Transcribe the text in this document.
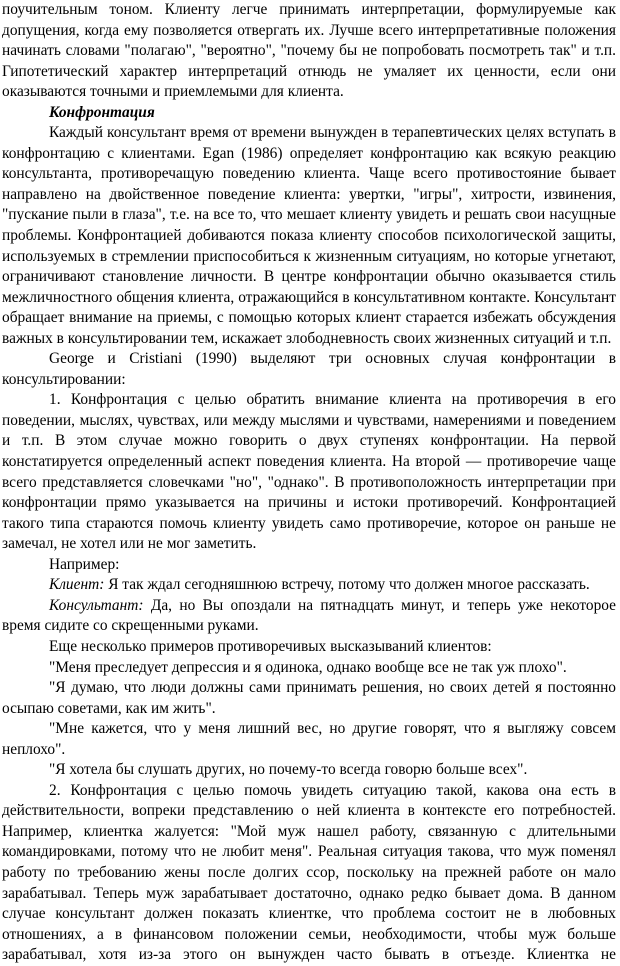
поучительным тоном. Клиенту легче принимать интерпретации, формулируемые как допущения, когда ему позволяется отвергать их. Лучше всего интерпретативные положения начинать словами "полагаю", "вероятно", "почему бы не попробовать посмотреть так" и т.п. Гипотетический характер интерпретаций отнюдь не умаляет их ценности, если они оказываются точными и приемлемыми для клиента.

Конфронтация

Каждый консультант время от времени вынужден в терапевтических целях вступать в конфронтацию с клиентами. Egan (1986) определяет конфронтацию как всякую реакцию консультанта, противоречащую поведению клиента. Чаще всего противостояние бывает направлено на двойственное поведение клиента: увертки, "игры", хитрости, извинения, "пускание пыли в глаза", т.е. на все то, что мешает клиенту увидеть и решать свои насущные проблемы. Конфронтацией добиваются показа клиенту способов психологической защиты, используемых в стремлении приспособиться к жизненным ситуациям, но которые угнетают, ограничивают становление личности. В центре конфронтации обычно оказывается стиль межличностного общения клиента, отражающийся в консультативном контакте. Консультант обращает внимание на приемы, с помощью которых клиент старается избежать обсуждения важных в консультировании тем, искажает злободневность своих жизненных ситуаций и т.п.

George и Cristiani (1990) выделяют три основных случая конфронтации в консультировании:

1. Конфронтация с целью обратить внимание клиента на противоречия в его поведении, мыслях, чувствах, или между мыслями и чувствами, намерениями и поведением и т.п. В этом случае можно говорить о двух ступенях конфронтации. На первой констатируется определенный аспект поведения клиента. На второй — противоречие чаще всего представляется словечками "но", "однако". В противоположность интерпретации при конфронтации прямо указывается на причины и истоки противоречий. Конфронтацией такого типа стараются помочь клиенту увидеть само противоречие, которое он раньше не замечал, не хотел или не мог заметить.

Например:

Клиент: Я так ждал сегодняшнюю встречу, потому что должен многое рассказать.

Консультант: Да, но Вы опоздали на пятнадцать минут, и теперь уже некоторое время сидите со скрещенными руками.

Еще несколько примеров противоречивых высказываний клиентов:

"Меня преследует депрессия и я одинока, однако вообще все не так уж плохо".

"Я думаю, что люди должны сами принимать решения, но своих детей я постоянно осыпаю советами, как им жить".

"Мне кажется, что у меня лишний вес, но другие говорят, что я выгляжу совсем неплохо".

"Я хотела бы слушать других, но почему-то всегда говорю больше всех".

2. Конфронтация с целью помочь увидеть ситуацию такой, какова она есть в действительности, вопреки представлению о ней клиента в контексте его потребностей. Например, клиентка жалуется: "Мой муж нашел работу, связанную с длительными командировками, потому что не любит меня". Реальная ситуация такова, что муж поменял работу по требованию жены после долгих ссор, поскольку на прежней работе он мало зарабатывал. Теперь муж зарабатывает достаточно, однако редко бывает дома. В данном случае консультант должен показать клиентке, что проблема состоит не в любовных отношениях, а в финансовом положении семьи, необходимости, чтобы муж больше зарабатывал, хотя из-за этого он вынужден часто бывать в отъезде. Клиентка не
